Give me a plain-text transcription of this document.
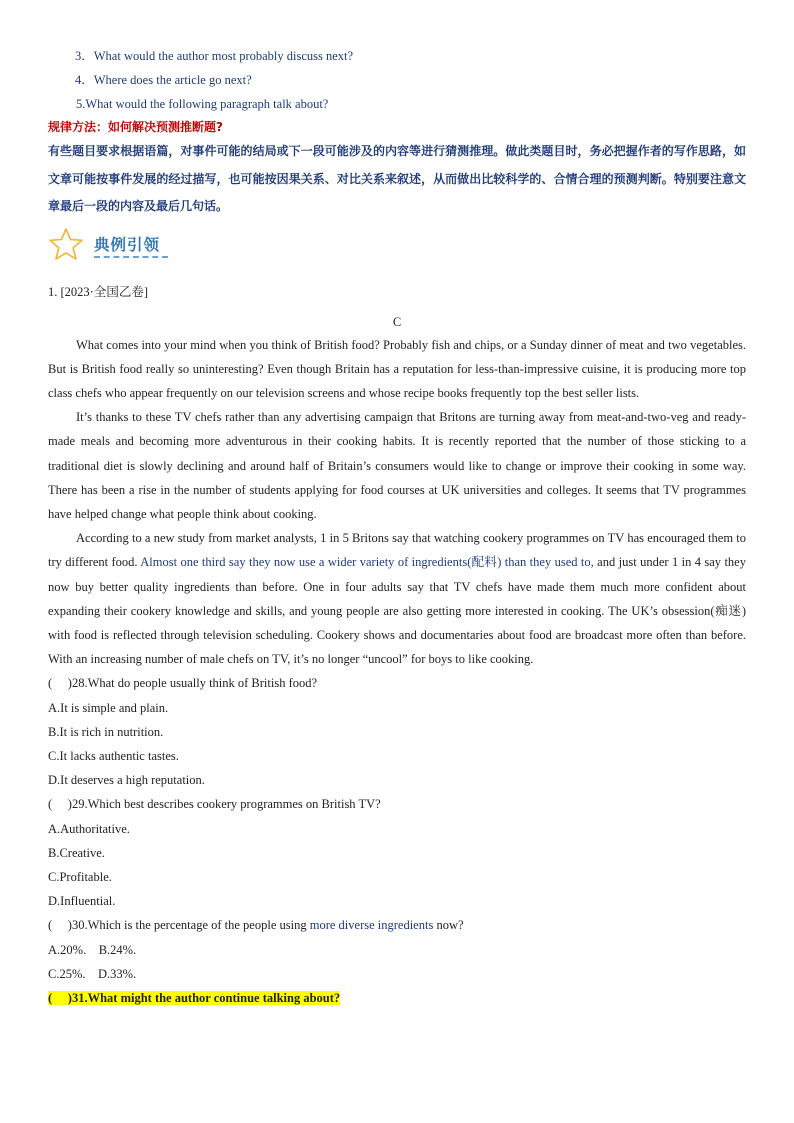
3．What would the author most probably discuss next?
4．Where does the article go next?
5.What would the following paragraph talk about?
规律方法：如何解决预测推断题?
有些题目要求根据语篇，对事件可能的结局或下一段可能涉及的内容等进行猜测推理。做此类题目时，务必把握作者的写作思路，如文章可能按事件发展的经过描写，也可能按因果关系、对比关系来叙述，从而做出比较科学的、合情合理的预测判断。特别要注意文章最后一段的内容及最后几句话。
典例引领
1. [2023·全国乙卷]
C

What comes into your mind when you think of British food? Probably fish and chips, or a Sunday dinner of meat and two vegetables. But is British food really so uninteresting? Even though Britain has a reputation for less-than-impressive cuisine, it is producing more top class chefs who appear frequently on our television screens and whose recipe books frequently top the best seller lists.

It’s thanks to these TV chefs rather than any advertising campaign that Britons are turning away from meat-and-two-veg and ready-made meals and becoming more adventurous in their cooking habits. It is recently reported that the number of those sticking to a traditional diet is slowly declining and around half of Britain’s consumers would like to change or improve their cooking in some way. There has been a rise in the number of students applying for food courses at UK universities and colleges. It seems that TV programmes have helped change what people think about cooking.

According to a new study from market analysts, 1 in 5 Britons say that watching cookery programmes on TV has encouraged them to try different food. Almost one third say they now use a wider variety of ingredients(配料) than they used to, and just under 1 in 4 say they now buy better quality ingredients than before. One in four adults say that TV chefs have made them much more confident about expanding their cookery knowledge and skills, and young people are also getting more interested in cooking. The UK’s obsession(痴迷) with food is reflected through television scheduling. Cookery shows and documentaries about food are broadcast more often than before. With an increasing number of male chefs on TV, it’s no longer “uncool” for boys to like cooking.

(　 )28.What do people usually think of British food?
A.It is simple and plain.
B.It is rich in nutrition.
C.It lacks authentic tastes.
D.It deserves a high reputation.
(　 )29.Which best describes cookery programmes on British TV?
A.Authoritative.
B.Creative.
C.Profitable.
D.Influential.
(　 )30.Which is the percentage of the people using more diverse ingredients now?
A.20%.　B.24%.
C.25%.　D.33%.
(　 )31.What might the author continue talking about?
